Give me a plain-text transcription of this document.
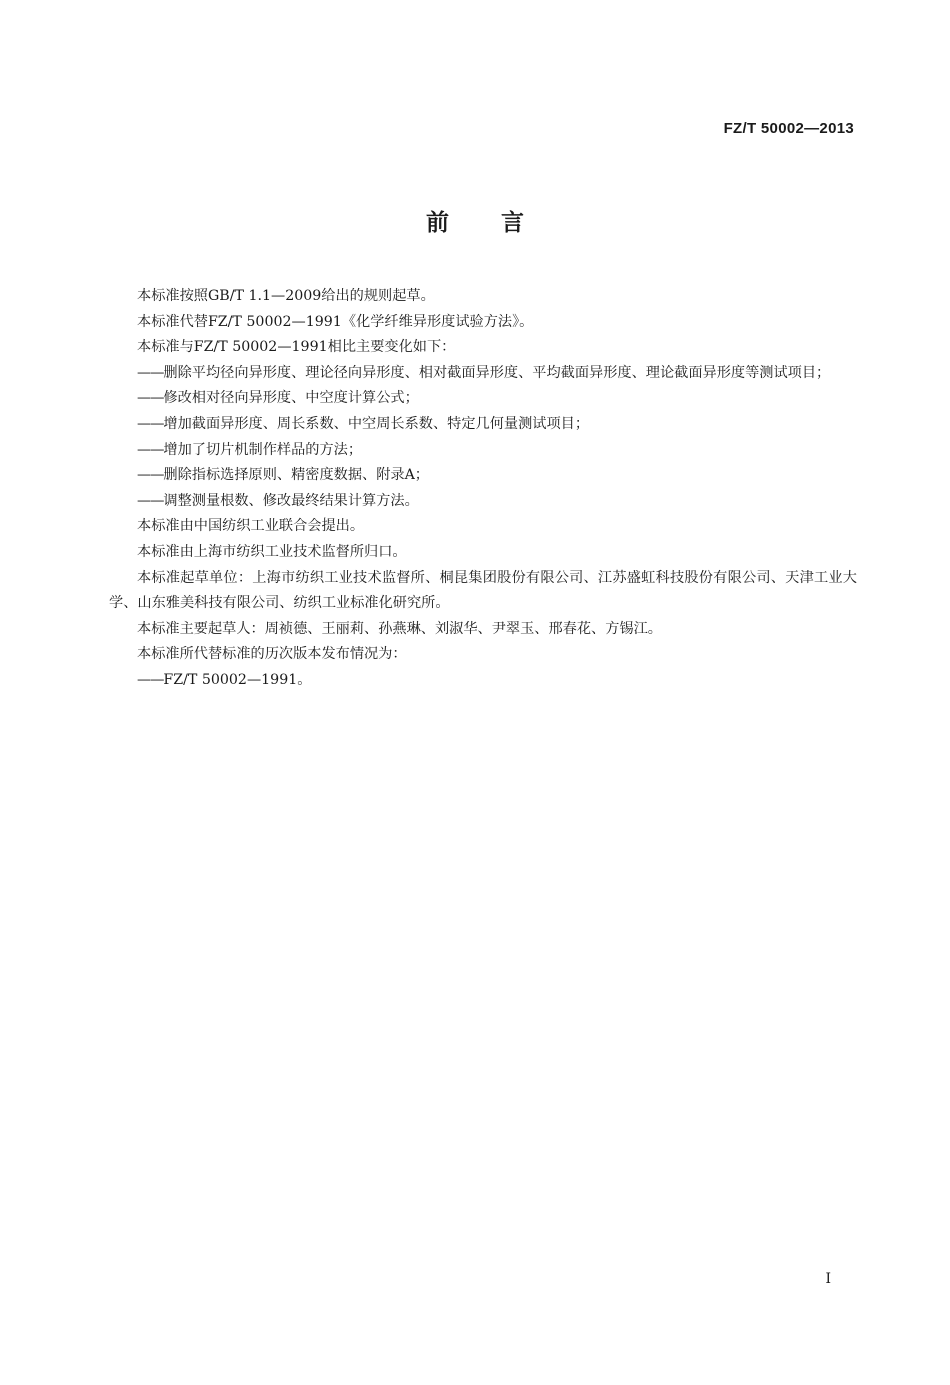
FZ/T 50002—2013
前言

本标准按照GB/T 1.1—2009给出的规则起草。

本标准代替FZ/T 50002—1991《化学纤维异形度试验方法》。

本标准与FZ/T 50002—1991相比主要变化如下：

——删除平均径向异形度、理论径向异形度、相对截面异形度、平均截面异形度、理论截面异形度等测试项目；

——修改相对径向异形度、中空度计算公式；

——增加截面异形度、周长系数、中空周长系数、特定几何量测试项目；

——增加了切片机制作样品的方法；

——删除指标选择原则、精密度数据、附录A；

——调整测量根数、修改最终结果计算方法。

本标准由中国纺织工业联合会提出。

本标准由上海市纺织工业技术监督所归口。

本标准起草单位：上海市纺织工业技术监督所、桐昆集团股份有限公司、江苏盛虹科技股份有限公司、天津工业大学、山东雅美科技有限公司、纺织工业标准化研究所。

本标准主要起草人：周祯德、王丽莉、孙燕琳、刘淑华、尹翠玉、邢春花、方锡江。

本标准所代替标准的历次版本发布情况为：

——FZ/T 50002—1991。

I
